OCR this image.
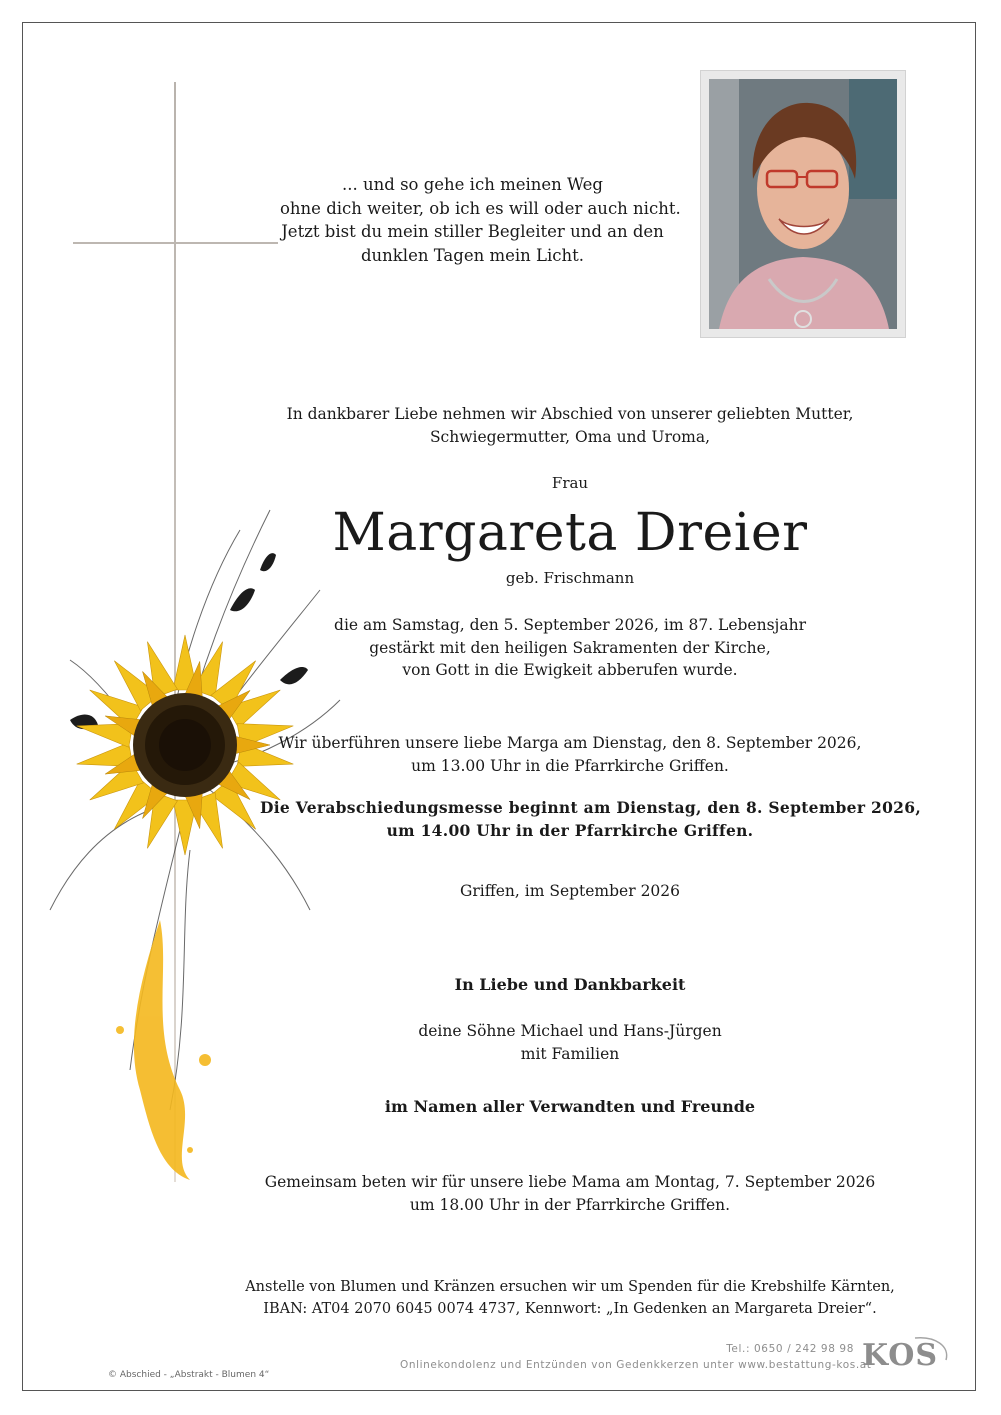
... und so gehe ich meinen Weg
ohne dich weiter, ob ich es will oder auch nicht.
Jetzt bist du mein stiller Begleiter und an den
dunklen Tagen mein Licht.
In dankbarer Liebe nehmen wir Abschied von unserer geliebten Mutter,
Schwiegermutter, Oma und Uroma,
Frau
Margareta Dreier
geb. Frischmann
die am Samstag, den 5. September 2026, im 87. Lebensjahr
gestärkt mit den heiligen Sakramenten der Kirche,
von Gott in die Ewigkeit abberufen wurde.
Wir überführen unsere liebe Marga am Dienstag, den 8. September 2026,
um 13.00 Uhr in die Pfarrkirche Griffen.
Die Verabschiedungsmesse beginnt am Dienstag, den 8. September 2026,
um 14.00 Uhr in der Pfarrkirche Griffen.
Griffen, im September 2026
In Liebe und Dankbarkeit
deine Söhne Michael und Hans-Jürgen
mit Familien
im Namen aller Verwandten und Freunde
Gemeinsam beten wir für unsere liebe Mama am Montag, 7. September 2026
um 18.00 Uhr in der Pfarrkirche Griffen.
Anstelle von Blumen und Kränzen ersuchen wir um Spenden für die Krebshilfe Kärnten,
IBAN: AT04 2070 6045 0074 4737, Kennwort: „In Gedenken an Margareta Dreier“.
Tel.: 0650 / 242 98 98
Onlinekondolenz und Entzünden von Gedenkkerzen unter www.bestattung-kos.at
KOS
© Abschied - „Abstrakt - Blumen 4“
